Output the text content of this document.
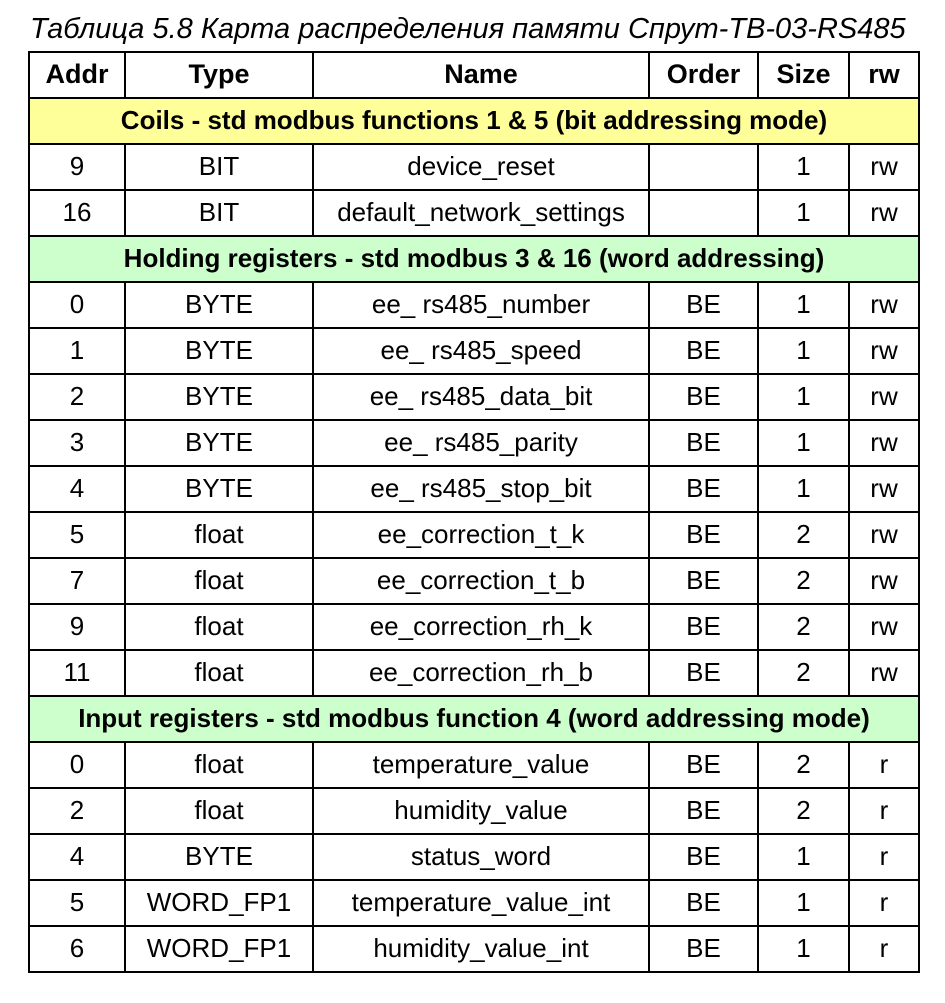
Таблица 5.8 Карта распределения памяти Спрут-ТВ-03-RS485
Addr	Type	Name	Order	Size	rw
Coils - std modbus functions 1 & 5 (bit addressing mode)					
9	BIT	device_reset		1	rw
16	BIT	default_network_settings		1	rw
Holding registers - std modbus 3 & 16 (word addressing)					
0	BYTE	ee_ rs485_number	BE	1	rw
1	BYTE	ee_ rs485_speed	BE	1	rw
2	BYTE	ee_ rs485_data_bit	BE	1	rw
3	BYTE	ee_ rs485_parity	BE	1	rw
4	BYTE	ee_ rs485_stop_bit	BE	1	rw
5	float	ee_correction_t_k	BE	2	rw
7	float	ee_correction_t_b	BE	2	rw
9	float	ee_correction_rh_k	BE	2	rw
11	float	ee_correction_rh_b	BE	2	rw
Input registers - std modbus function 4 (word addressing mode)					
0	float	temperature_value	BE	2	r
2	float	humidity_value	BE	2	r
4	BYTE	status_word	BE	1	r
5	WORD_FP1	temperature_value_int	BE	1	r
6	WORD_FP1	humidity_value_int	BE	1	r
